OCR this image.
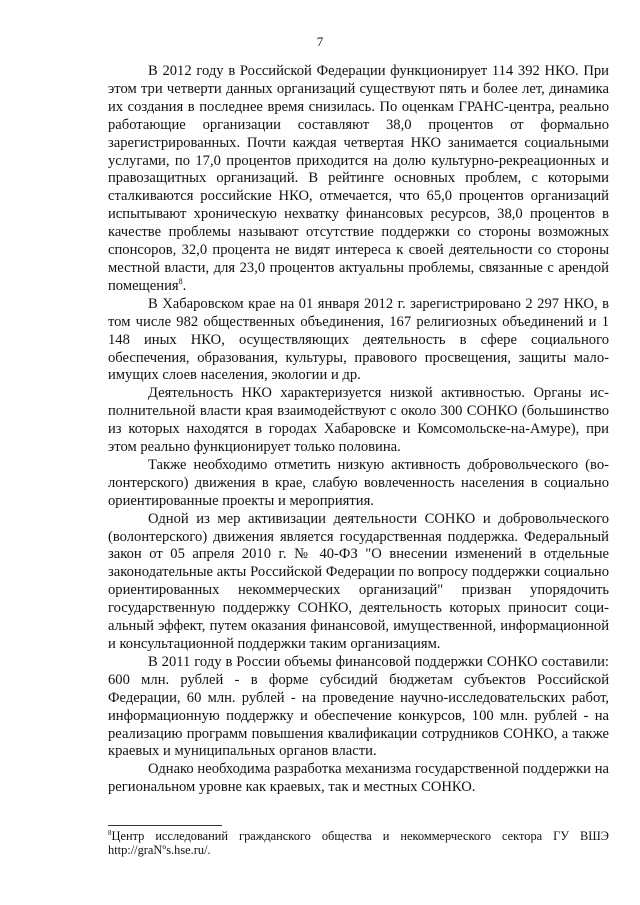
7

В 2012 году в Российской Федерации функционирует 114 392 НКО. При этом три четверти данных организаций существуют пять и более лет, динамика их создания в последнее время снизилась. По оценкам ГРАНС-центра, реально работающие организации составляют 38,0 процентов от формально зарегистрированных. Почти каждая четвертая НКО занимается социальными услугами, по 17,0 процентов приходится на долю культурно-рекреационных и правозащитных организаций. В рейтинге основных проблем, с которыми сталкиваются российские НКО, отмечается, что 65,0 процентов организаций испытывают хроническую нехватку финансовых ресурсов, 38,0 процентов в качестве проблемы называют отсутствие поддержки со стороны возможных спонсоров, 32,0 процента не видят интереса к своей деятельности со стороны местной власти, для 23,0 процентов актуальны проблемы, связанные с арендой помещения$^8$.

В Хабаровском крае на 01 января 2012 г. зарегистрировано 2 297 НКО, в том числе 982 общественных объединения, 167 религиозных объединений и 1 148 иных НКО, осуществляющих деятельность в сфере социального обеспечения, образования, культуры, правового просвещения, защиты малоимущих слоев населения, экологии и др.

Деятельность НКО характеризуется низкой активностью. Органы исполнительной власти края взаимодействуют с около 300 СОНКО (большинство из которых находятся в городах Хабаровске и Комсомольске-на-Амуре), при этом реально функционирует только половина.

Также необходимо отметить низкую активность добровольческого (волонтерского) движения в крае, слабую вовлеченность населения в социально ориентированные проекты и мероприятия.

Одной из мер активизации деятельности СОНКО и добровольческого (волонтерского) движения является государственная поддержка. Федеральный закон от 05 апреля 2010 г. № 40-ФЗ "О внесении изменений в отдельные законодательные акты Российской Федерации по вопросу поддержки социально ориентированных некоммерческих организаций" призван упорядочить государственную поддержку СОНКО, деятельность которых приносит социальный эффект, путем оказания финансовой, имущественной, информационной и консультационной поддержки таким организациям.

В 2011 году в России объемы финансовой поддержки СОНКО составили: 600 млн. рублей - в форме субсидий бюджетам субъектов Российской Федерации, 60 млн. рублей - на проведение научно-исследовательских работ, информационную поддержку и обеспечение конкурсов, 100 млн. рублей - на реализацию программ повышения квалификации сотрудников СОНКО, а также краевых и муниципальных органов власти.

Однако необходима разработка механизма государственной поддержки на региональном уровне как краевых, так и местных СОНКО.

$^8$Центр исследований гражданского общества и некоммерческого сектора ГУ ВШЭ http://graNºs.hse.ru/.
